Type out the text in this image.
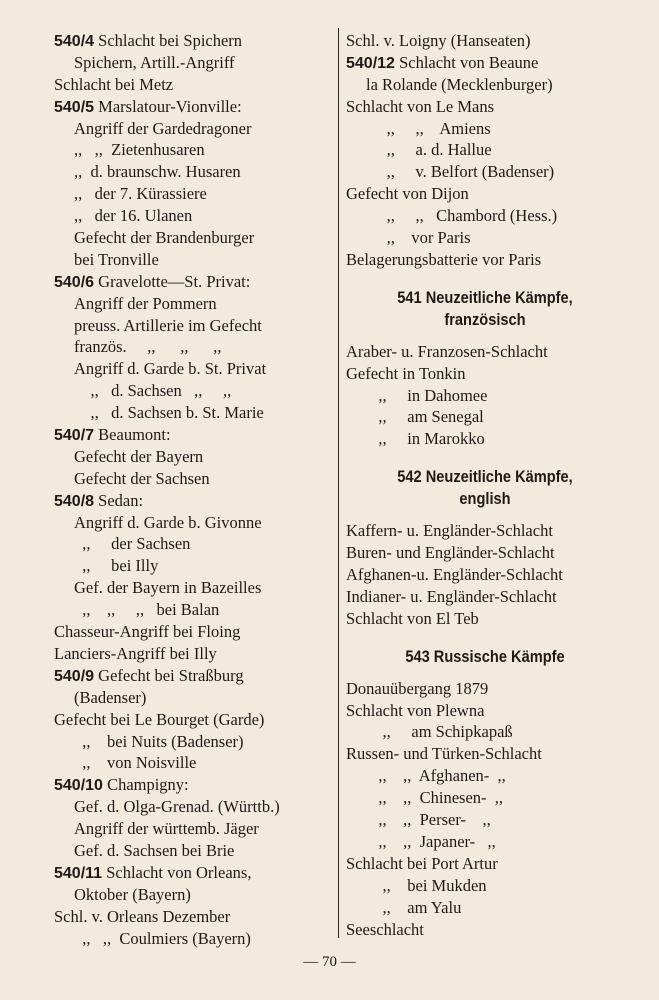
540/4 Schlacht bei Spichern
Spichern, Artill.-Angriff
Schlacht bei Metz
540/5 Marslatour-Vionville:
Angriff der Gardedragoner
,,   ,,  Zietenhusaren
,,  d. braunschw. Husaren
,,   der 7. Kürassiere
,,   der 16. Ulanen
Gefecht der Brandenburger
bei Tronville
540/6 Gravelotte—St. Privat:
Angriff der Pommern
preuss. Artillerie im Gefecht
französ.     ,,      ,,      ,,
Angriff d. Garde b. St. Privat
,,   d. Sachsen   ,,     ,,
,,   d. Sachsen b. St. Marie
540/7 Beaumont:
Gefecht der Bayern
Gefecht der Sachsen
540/8 Sedan:
Angriff d. Garde b. Givonne
,,     der Sachsen
,,     bei Illy
Gef. der Bayern in Bazeilles
,,    ,,     ,,   bei Balan
Chasseur-Angriff bei Floing
Lanciers-Angriff bei Illy
540/9 Gefecht bei Straßburg
(Badenser)
Gefecht bei Le Bourget (Garde)
,,    bei Nuits (Badenser)
,,    von Noisville
540/10 Champigny:
Gef. d. Olga-Grenad. (Württb.)
Angriff der württemb. Jäger
Gef. d. Sachsen bei Brie
540/11 Schlacht von Orleans,
Oktober (Bayern)
Schl. v. Orleans Dezember
,,   ,,  Coulmiers (Bayern)
Schl. v. Loigny (Hanseaten)
540/12 Schlacht von Beaune
la Rolande (Mecklenburger)
Schlacht von Le Mans
,,     ,,    Amiens
,,     a. d. Hallue
,,     v. Belfort (Badenser)
Gefecht von Dijon
,,     ,,   Chambord (Hess.)
,,    vor Paris
Belagerungsbatterie vor Paris
541 Neuzeitliche Kämpfe,
französisch
Araber- u. Franzosen-Schlacht
Gefecht in Tonkin
,,     in Dahomee
,,     am Senegal
,,     in Marokko
542 Neuzeitliche Kämpfe,
english
Kaffern- u. Engländer-Schlacht
Buren- und Engländer-Schlacht
Afghanen-u. Engländer-Schlacht
Indianer- u. Engländer-Schlacht
Schlacht von El Teb
543 Russische Kämpfe
Donauübergang 1879
Schlacht von Plewna
,,     am Schipkapaß
Russen- und Türken-Schlacht
,,    ,,  Afghanen-  ,,
,,    ,,  Chinesen-  ,,
,,    ,,  Perser-    ,,
,,    ,,  Japaner-   ,,
Schlacht bei Port Artur
,,    bei Mukden
,,    am Yalu
Seeschlacht
— 70 —
